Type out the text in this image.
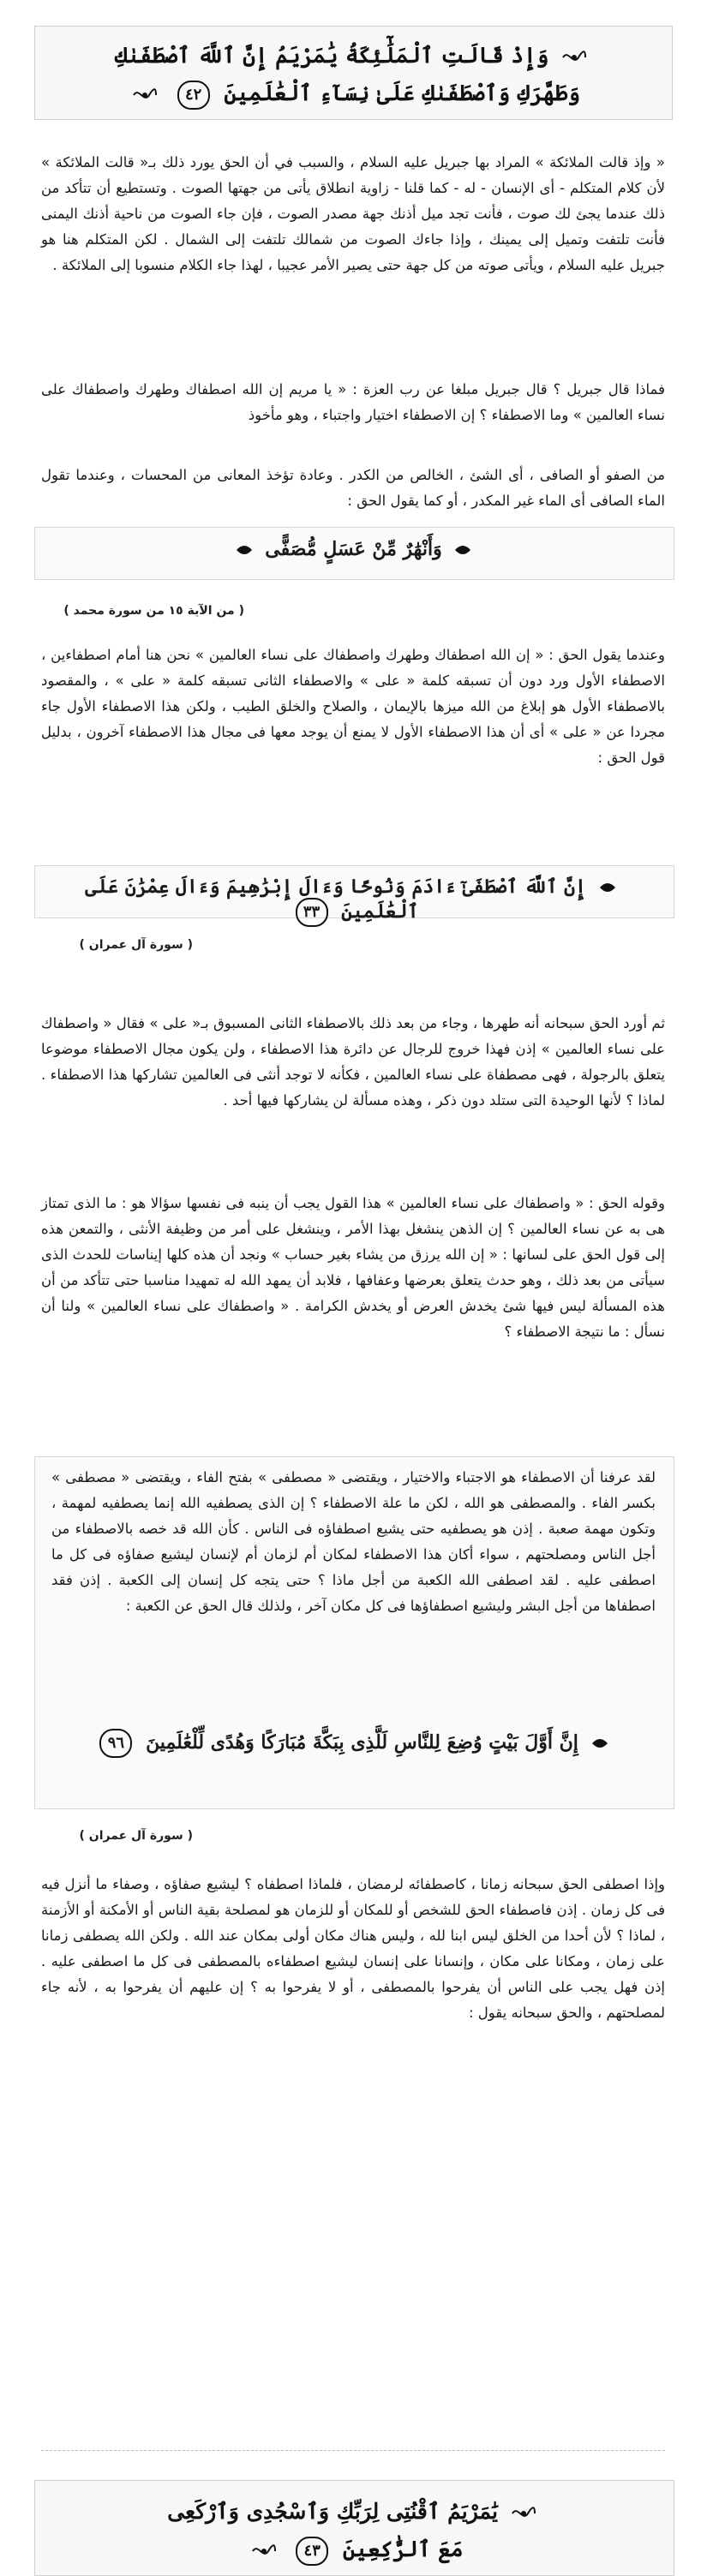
وَإِذْ قَالَتِ ٱلْمَلَٰٓئِكَةُ يَٰمَرْيَمُ إِنَّ ٱللَّهَ ٱصْطَفَىٰكِ
وَطَهَّرَكِ وَٱصْطَفَىٰكِ عَلَىٰ نِسَآءِ ٱلْعَٰلَمِينَ ٤٢
« وإذ قالت الملائكة » المراد بها جبريل عليه السلام ، والسبب في أن الحق يورد ذلك بـ« قالت الملائكة » لأن كلام المتكلم - أى الإنسان - له - كما قلنا - زاوية انطلاق يأتى من جهتها الصوت . وتستطيع أن تتأكد من ذلك عندما يجئ لك صوت ، فأنت تجد ميل أذنك جهة مصدر الصوت ، فإن جاء الصوت من ناحية أذنك اليمنى فأنت تلتفت وتميل إلى يمينك ، وإذا جاءك الصوت من شمالك تلتفت إلى الشمال . لكن المتكلم هنا هو جبريل عليه السلام ، ويأتى صوته من كل جهة حتى يصير الأمر عجيبا ، لهذا جاء الكلام منسوبا إلى الملائكة .
فماذا قال جبريل ؟ قال جبريل مبلغا عن رب العزة : « يا مريم إن الله اصطفاك وطهرك واصطفاك على نساء العالمين » وما الاصطفاء ؟ إن الاصطفاء اختيار واجتباء ، وهو مأخوذ
من الصفو أو الصافى ، أى الشئ ، الخالص من الكدر . وعادة تؤخذ المعانى من المحسات ، وعندما تقول الماء الصافى أى الماء غير المكدر ، أو كما يقول الحق :
وَأَنْهَٰرٌ مِّنْ عَسَلٍ مُّصَفًّى
( من الآية ١٥ من سورة محمد )
وعندما يقول الحق : « إن الله اصطفاك وطهرك واصطفاك على نساء العالمين » نحن هنا أمام اصطفاءين ، الاصطفاء الأول ورد دون أن تسبقه كلمة « على » والاصطفاء الثانى تسبقه كلمة « على » ، والمقصود بالاصطفاء الأول هو إبلاغ من الله ميزها بالإيمان ، والصلاح والخلق الطيب ، ولكن هذا الاصطفاء الأول جاء مجردا عن « على » أى أن هذا الاصطفاء الأول لا يمنع أن يوجد معها فى مجال هذا الاصطفاء آخرون ، بدليل قول الحق :
إِنَّ ٱللَّهَ ٱصْطَفَىٰٓ ءَادَمَ وَنُوحًا وَءَالَ إِبْرَٰهِيمَ وَءَالَ عِمْرَٰنَ عَلَى ٱلْعَٰلَمِينَ ٣٣
( سورة آل عمران )
ثم أورد الحق سبحانه أنه طهرها ، وجاء من بعد ذلك بالاصطفاء الثانى المسبوق بـ« على » فقال « واصطفاك على نساء العالمين » إذن فهذا خروج للرجال عن دائرة هذا الاصطفاء ، ولن يكون مجال الاصطفاء موضوعا يتعلق بالرجولة ، فهى مصطفاة على نساء العالمين ، فكأنه لا توجد أنثى فى العالمين تشاركها هذا الاصطفاء . لماذا ؟ لأنها الوحيدة التى ستلد دون ذكر ، وهذه مسألة لن يشاركها فيها أحد .
وقوله الحق : « واصطفاك على نساء العالمين » هذا القول يجب أن ينبه فى نفسها سؤالا هو : ما الذى تمتاز هى به عن نساء العالمين ؟ إن الذهن ينشغل بهذا الأمر ، وينشغل على أمر من وظيفة الأنثى ، والتمعن هذه إلى قول الحق على لسانها : « إن الله يرزق من يشاء بغير حساب » ونجد أن هذه كلها إيناسات للحدث الذى سيأتى من بعد ذلك ، وهو حدث يتعلق بعرضها وعفافها ، فلابد أن يمهد الله له تمهيدا مناسبا حتى تتأكد من أن هذه المسألة ليس فيها شئ يخدش العرض أو يخدش الكرامة . « واصطفاك على نساء العالمين » ولنا أن نسأل : ما نتيجة الاصطفاء ؟
لقد عرفنا أن الاصطفاء هو الاجتباء والاختيار ، ويقتضى « مصطفى » بفتح الفاء ، ويقتضى « مصطفى » بكسر الفاء . والمصطفى هو الله ، لكن ما علة الاصطفاء ؟ إن الذى يصطفيه الله إنما يصطفيه لمهمة ، وتكون مهمة صعبة . إذن هو يصطفيه حتى يشيع اصطفاؤه فى الناس . كأن الله قد خصه بالاصطفاء من أجل الناس ومصلحتهم ، سواء أكان هذا الاصطفاء لمكان أم لزمان أم لإنسان ليشيع صفاؤه فى كل ما اصطفى عليه . لقد اصطفى الله الكعبة من أجل ماذا ؟ حتى يتجه كل إنسان إلى الكعبة . إذن فقد اصطفاها من أجل البشر وليشيع اصطفاؤها فى كل مكان آخر ، ولذلك قال الحق عن الكعبة :
إِنَّ أَوَّلَ بَيْتٍ وُضِعَ لِلنَّاسِ لَلَّذِى بِبَكَّةَ مُبَارَكًا وَهُدًى لِّلْعَٰلَمِينَ ٩٦
( سورة آل عمران )
وإذا اصطفى الحق سبحانه زمانا ، كاصطفائه لرمضان ، فلماذا اصطفاه ؟ ليشيع صفاؤه ، وصفاء ما أنزل فيه فى كل زمان . إذن فاصطفاء الحق للشخص أو للمكان أو للزمان هو لمصلحة بقية الناس أو الأمكنة أو الأزمنة ، لماذا ؟ لأن أحدا من الخلق ليس ابنا لله ، وليس هناك مكان أولى بمكان عند الله . ولكن الله يصطفى زمانا على زمان ، ومكانا على مكان ، وإنسانا على إنسان ليشيع اصطفاءه بالمصطفى فى كل ما اصطفى عليه . إذن فهل يجب على الناس أن يفرحوا بالمصطفى ، أو لا يفرحوا به ؟ إن عليهم أن يفرحوا به ، لأنه جاء لمصلحتهم ، والحق سبحانه يقول :
يَٰمَرْيَمُ ٱقْنُتِى لِرَبِّكِ وَٱسْجُدِى وَٱرْكَعِى
مَعَ ٱلرَّٰكِعِينَ ٤٣
